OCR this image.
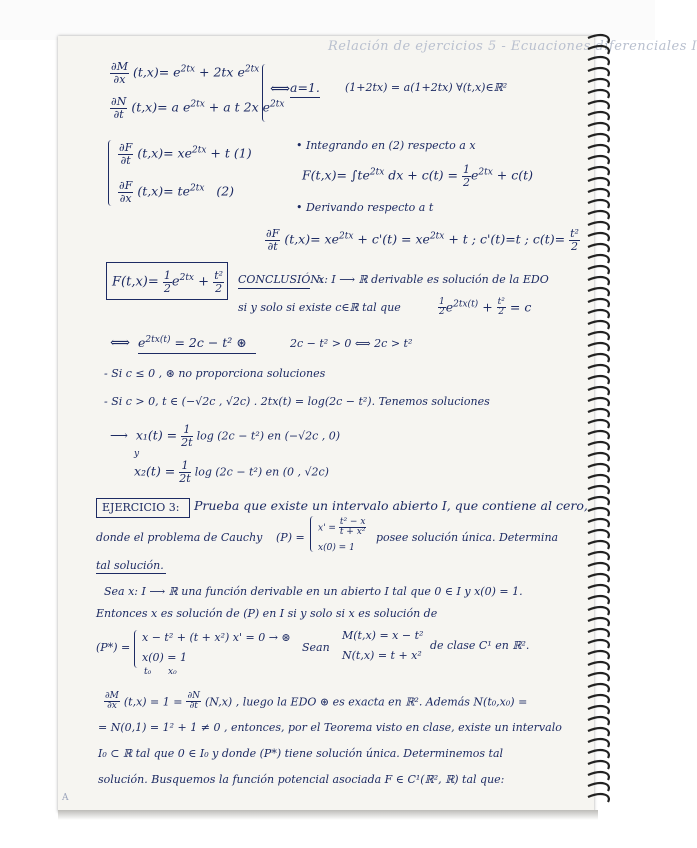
Relación de ejercicios 5 - Ecuaciones diferenciales I
$\frac{\partial M}{\partial x} (t,x)= e^{2tx} + 2tx$ $e^{2tx}$
$\frac{\partial N}{\partial t} (t,x)= a$ $e^{2tx} + a$ t 2x $e^{2tx}$
⟺ a=1. (1+2tx) = a(1+2tx) ∀(t,x)∈ℝ²
$\frac{\partial F}{\partial t} (t,x)= xe^{2tx} + t$ (1)
$\frac{\partial F}{\partial x} (t,x)= te^{2tx}$ (2)
• Integrando en (2) respecto a x
$F(t,x)= \int te^{2tx}$ dx + $c(t) = \frac{1}{2} e^{2tx} + c(t)$
• Derivando respecto a t
$\frac{\partial F}{\partial t} (t,x)= xe^{2tx} + c'(t) = xe^{2tx} + t$ ; c'(t)=t ; $c(t)= \frac{\text{t²}}{2}$
$F(t,x)= \frac{1}{2} e^{2tx} + \frac{\text{t²}}{2}$ CONCLUSIÓN:
x: I ⟶ ℝ derivable es solución de la EDO
si y solo si existe c∈ℝ tal que	$\frac{1}{2} e^{2tx(t)} + \frac{\text{t²}}{2} = c$
⟺ $e^{2tx(t)} = 2c - t^2$ ⊛	2c − t² > 0 ⟺ 2c > t²
- Si c ≤ 0 , ⊛ no proporciona soluciones
- Si c > 0, t ∈ (−√2c , √2c) . 2tx(t) = log(2c − t²). Tenemos soluciones
⟶ $x_1(t) = \frac{1}{2t}$ log (2c − t²) en (−√2c , 0)
y
$x_2(t) = \frac{1}{2t}$ log (2c − t²) en (0 , √2c)
EJERCICIO 3: Prueba que existe un intervalo abierto I, que contiene al cero,
donde el problema de Cauchy (P) =
$x' = \frac{\text{t² − x}}{\text{t + x²}}$
x(0) = 1
posee solución única. Determina
tal solución.
Sea x: I ⟶ ℝ una función derivable en un abierto I tal que 0 ∈ I y x(0) = 1.
Entonces x es solución de (P) en I si y solo si x es solución de
(P*) =
x − t² + (t + x²) x' = 0 → ⊛
x(0) = 1
t₀ x₀
Sean
M(t,x) = x − t²
N(t,x) = t + x²
de clase C¹ en ℝ².
$\frac{\partial M}{\partial x} (t,x) = 1 = \frac{\partial N}{\partial t} (N,x)$ , luego la EDO ⊛ es exacta en ℝ². Además N(t₀,x₀) =
= N(0,1) = 1² + 1 ≠ 0 , entonces, por el Teorema visto en clase, existe un intervalo
I₀ ⊂ ℝ tal que 0 ∈ I₀ y donde (P*) tiene solución única. Determinemos tal
solución. Busquemos la función potencial asociada F ∈ C¹(ℝ², ℝ) tal que:
A
